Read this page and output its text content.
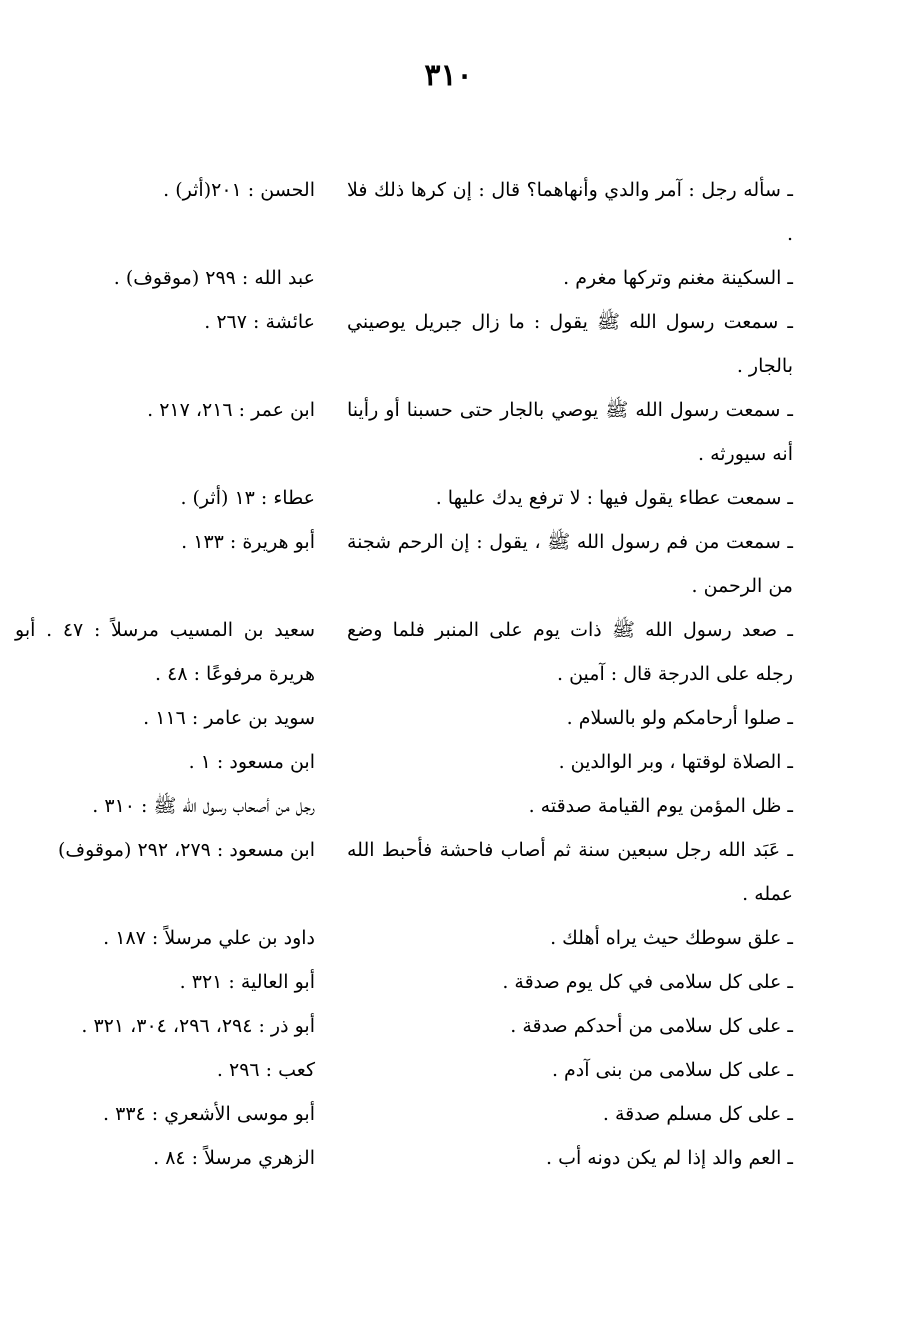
٣١٠
ـ سأله رجل : آمر والدي وأنهاهما؟ قال : إن كرها ذلك فلا .
الحسن : ٢٠١(أثر) .
ـ السكينة مغنم وتركها مغرم .
عبد الله : ٢٩٩ (موقوف) .
ـ سمعت رسول الله ﷺ يقول : ما زال جبريل يوصيني بالجار .
عائشة : ٢٦٧ .
ـ سمعت رسول الله ﷺ يوصي بالجار حتى حسبنا أو رأينا أنه سيورثه .
ابن عمر : ٢١٦، ٢١٧ .
ـ سمعت عطاء يقول فيها : لا ترفع يدك عليها .
عطاء : ١٣ (أثر) .
ـ سمعت من فم رسول الله ﷺ ، يقول : إن الرحم شجنة من الرحمن .
أبو هريرة : ١٣٣ .
ـ صعد رسول الله ﷺ ذات يوم على المنبر فلما وضع رجله على الدرجة قال : آمين .
سعيد بن المسيب مرسلاً : ٤٧ . أبو هريرة مرفوعًا : ٤٨ .
ـ صلوا أرحامكم ولو بالسلام .
سويد بن عامر : ١١٦ .
ـ الصلاة لوقتها ، وبر الوالدين .
ابن مسعود : ١ .
ـ ظل المؤمن يوم القيامة صدقته .
رجل من أصحاب رسول الله ﷺ : ٣١٠ .
ـ عَبَد الله رجل سبعين سنة ثم أصاب فاحشة فأحبط الله عمله .
ابن مسعود : ٢٧٩، ٢٩٢ (موقوف)
ـ علق سوطك حيث يراه أهلك .
داود بن علي مرسلاً : ١٨٧ .
ـ على كل سلامى في كل يوم صدقة .
أبو العالية : ٣٢١ .
ـ على كل سلامى من أحدكم صدقة .
أبو ذر : ٢٩٤، ٢٩٦، ٣٠٤، ٣٢١ .
ـ على كل سلامى من بنى آدم .
كعب : ٢٩٦ .
ـ على كل مسلم صدقة .
أبو موسى الأشعري : ٣٣٤ .
ـ العم والد إذا لم يكن دونه أب .
الزهري مرسلاً : ٨٤ .
